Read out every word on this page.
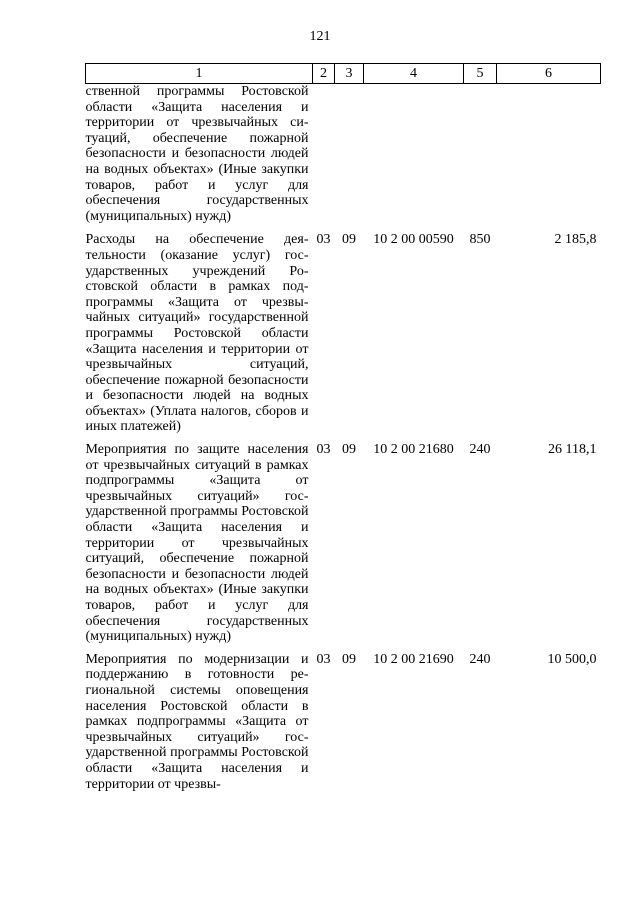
121
1	2	3	4	5	6
ственной программы Ростовской области «Защита населения и территории от чрезвычайных ситуаций, обеспечение пожарной безопасности и безопасности людей на водных объектах» (Иные закупки товаров, работ и услуг для обеспечения государственных (муниципальных) нужд)					
Расходы на обеспечение деятельности (оказание услуг) государственных учреждений Ростовской области в рамках подпрограммы «Защита от чрезвычайных ситуаций» государственной программы Ростовской области «Защита населения и территории от чрезвычайных ситуаций, обеспечение пожарной безопасности и безопасности людей на водных объектах» (Уплата налогов, сборов и иных платежей)	03	09	10 2 00 00590	850	2 185,8
Мероприятия по защите населения от чрезвычайных ситуаций в рамках подпрограммы «Защита от чрезвычайных ситуаций» государственной программы Ростовской области «Защита населения и территории от чрезвычайных ситуаций, обеспечение пожарной безопасности и безопасности людей на водных объектах» (Иные закупки товаров, работ и услуг для обеспечения государственных (муниципальных) нужд)	03	09	10 2 00 21680	240	26 118,1
Мероприятия по модернизации и поддержанию в готовности региональной системы оповещения населения Ростовской области в рамках подпрограммы «Защита от чрезвычайных ситуаций» государственной программы Ростовской области «Защита населения и территории от чрезвы-	03	09	10 2 00 21690	240	10 500,0
